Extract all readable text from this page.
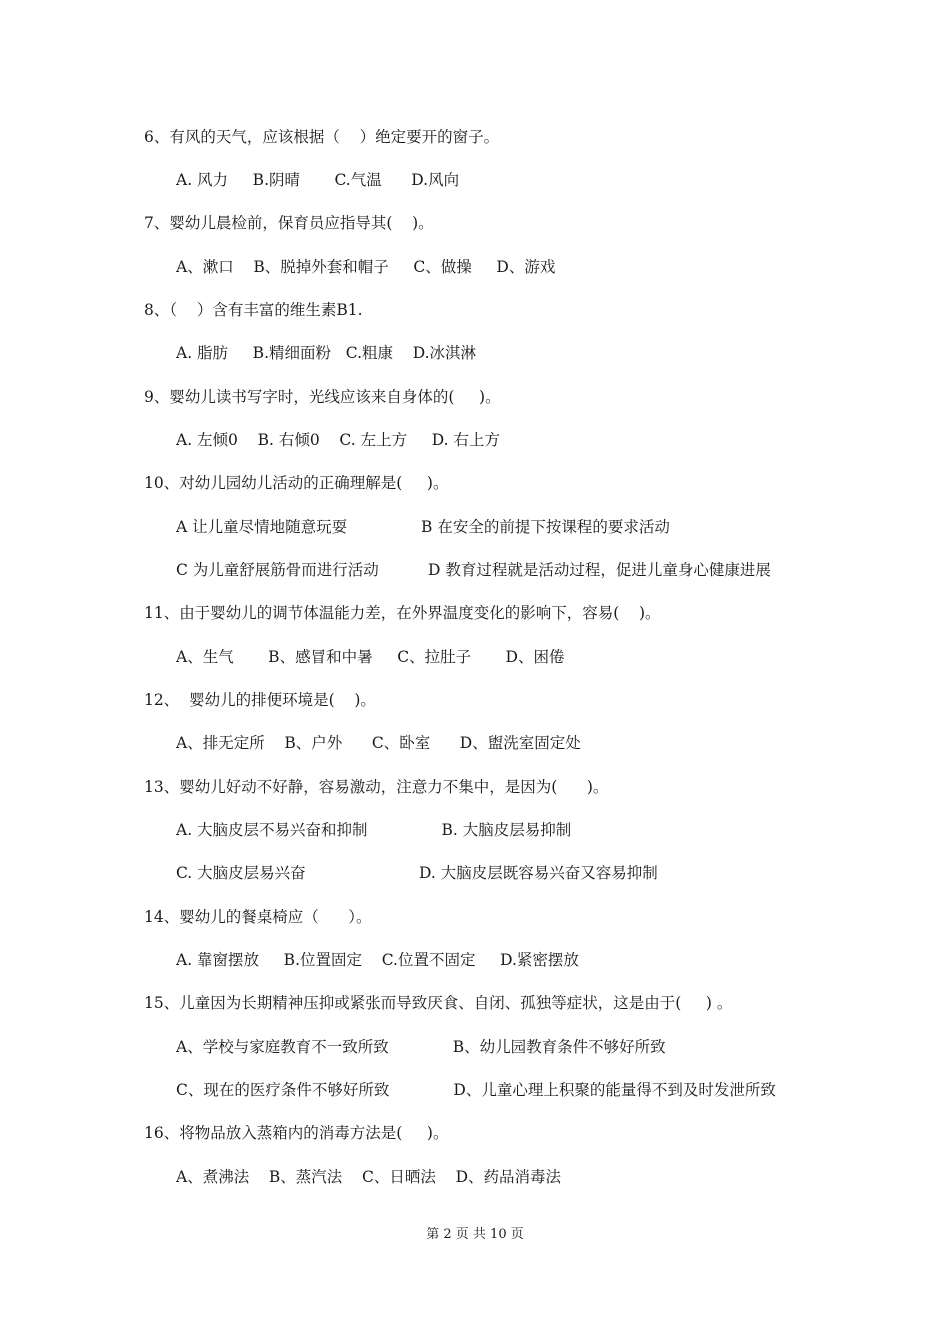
6、有风的天气，应该根据（    ）绝定要开的窗子。
A. 风力     B.阴晴       C.气温      D.风向
7、婴幼儿晨检前，保育员应指导其(    )。
A、漱口    B、脱掉外套和帽子     C、做操     D、游戏
8、（    ）含有丰富的维生素B1.
A. 脂肪     B.精细面粉   C.粗康    D.冰淇淋
9、婴幼儿读书写字时，光线应该来自身体的(     )。
A. 左倾0    B. 右倾0    C. 左上方     D. 右上方
10、对幼儿园幼儿活动的正确理解是(     )。
A 让儿童尽情地随意玩耍               B 在安全的前提下按课程的要求活动
C 为儿童舒展筋骨而进行活动          D 教育过程就是活动过程，促进儿童身心健康进展
11、由于婴幼儿的调节体温能力差，在外界温度变化的影响下，容易(    )。
A、生气       B、感冒和中暑     C、拉肚子       D、困倦
12、  婴幼儿的排便环境是(    )。
A、排无定所    B、户外      C、卧室      D、盥洗室固定处
13、婴幼儿好动不好静，容易激动，注意力不集中，是因为(      )。
A. 大脑皮层不易兴奋和抑制               B. 大脑皮层易抑制
C. 大脑皮层易兴奋                       D. 大脑皮层既容易兴奋又容易抑制
14、婴幼儿的餐桌椅应（      ）。
A. 靠窗摆放     B.位置固定    C.位置不固定     D.紧密摆放
15、儿童因为长期精神压抑或紧张而导致厌食、自闭、孤独等症状，这是由于(     ) 。
A、学校与家庭教育不一致所致             B、幼儿园教育条件不够好所致
C、现在的医疗条件不够好所致             D、儿童心理上积聚的能量得不到及时发泄所致
16、将物品放入蒸箱内的消毒方法是(     )。
A、煮沸法    B、蒸汽法    C、日晒法    D、药品消毒法
第 2 页 共 10 页
